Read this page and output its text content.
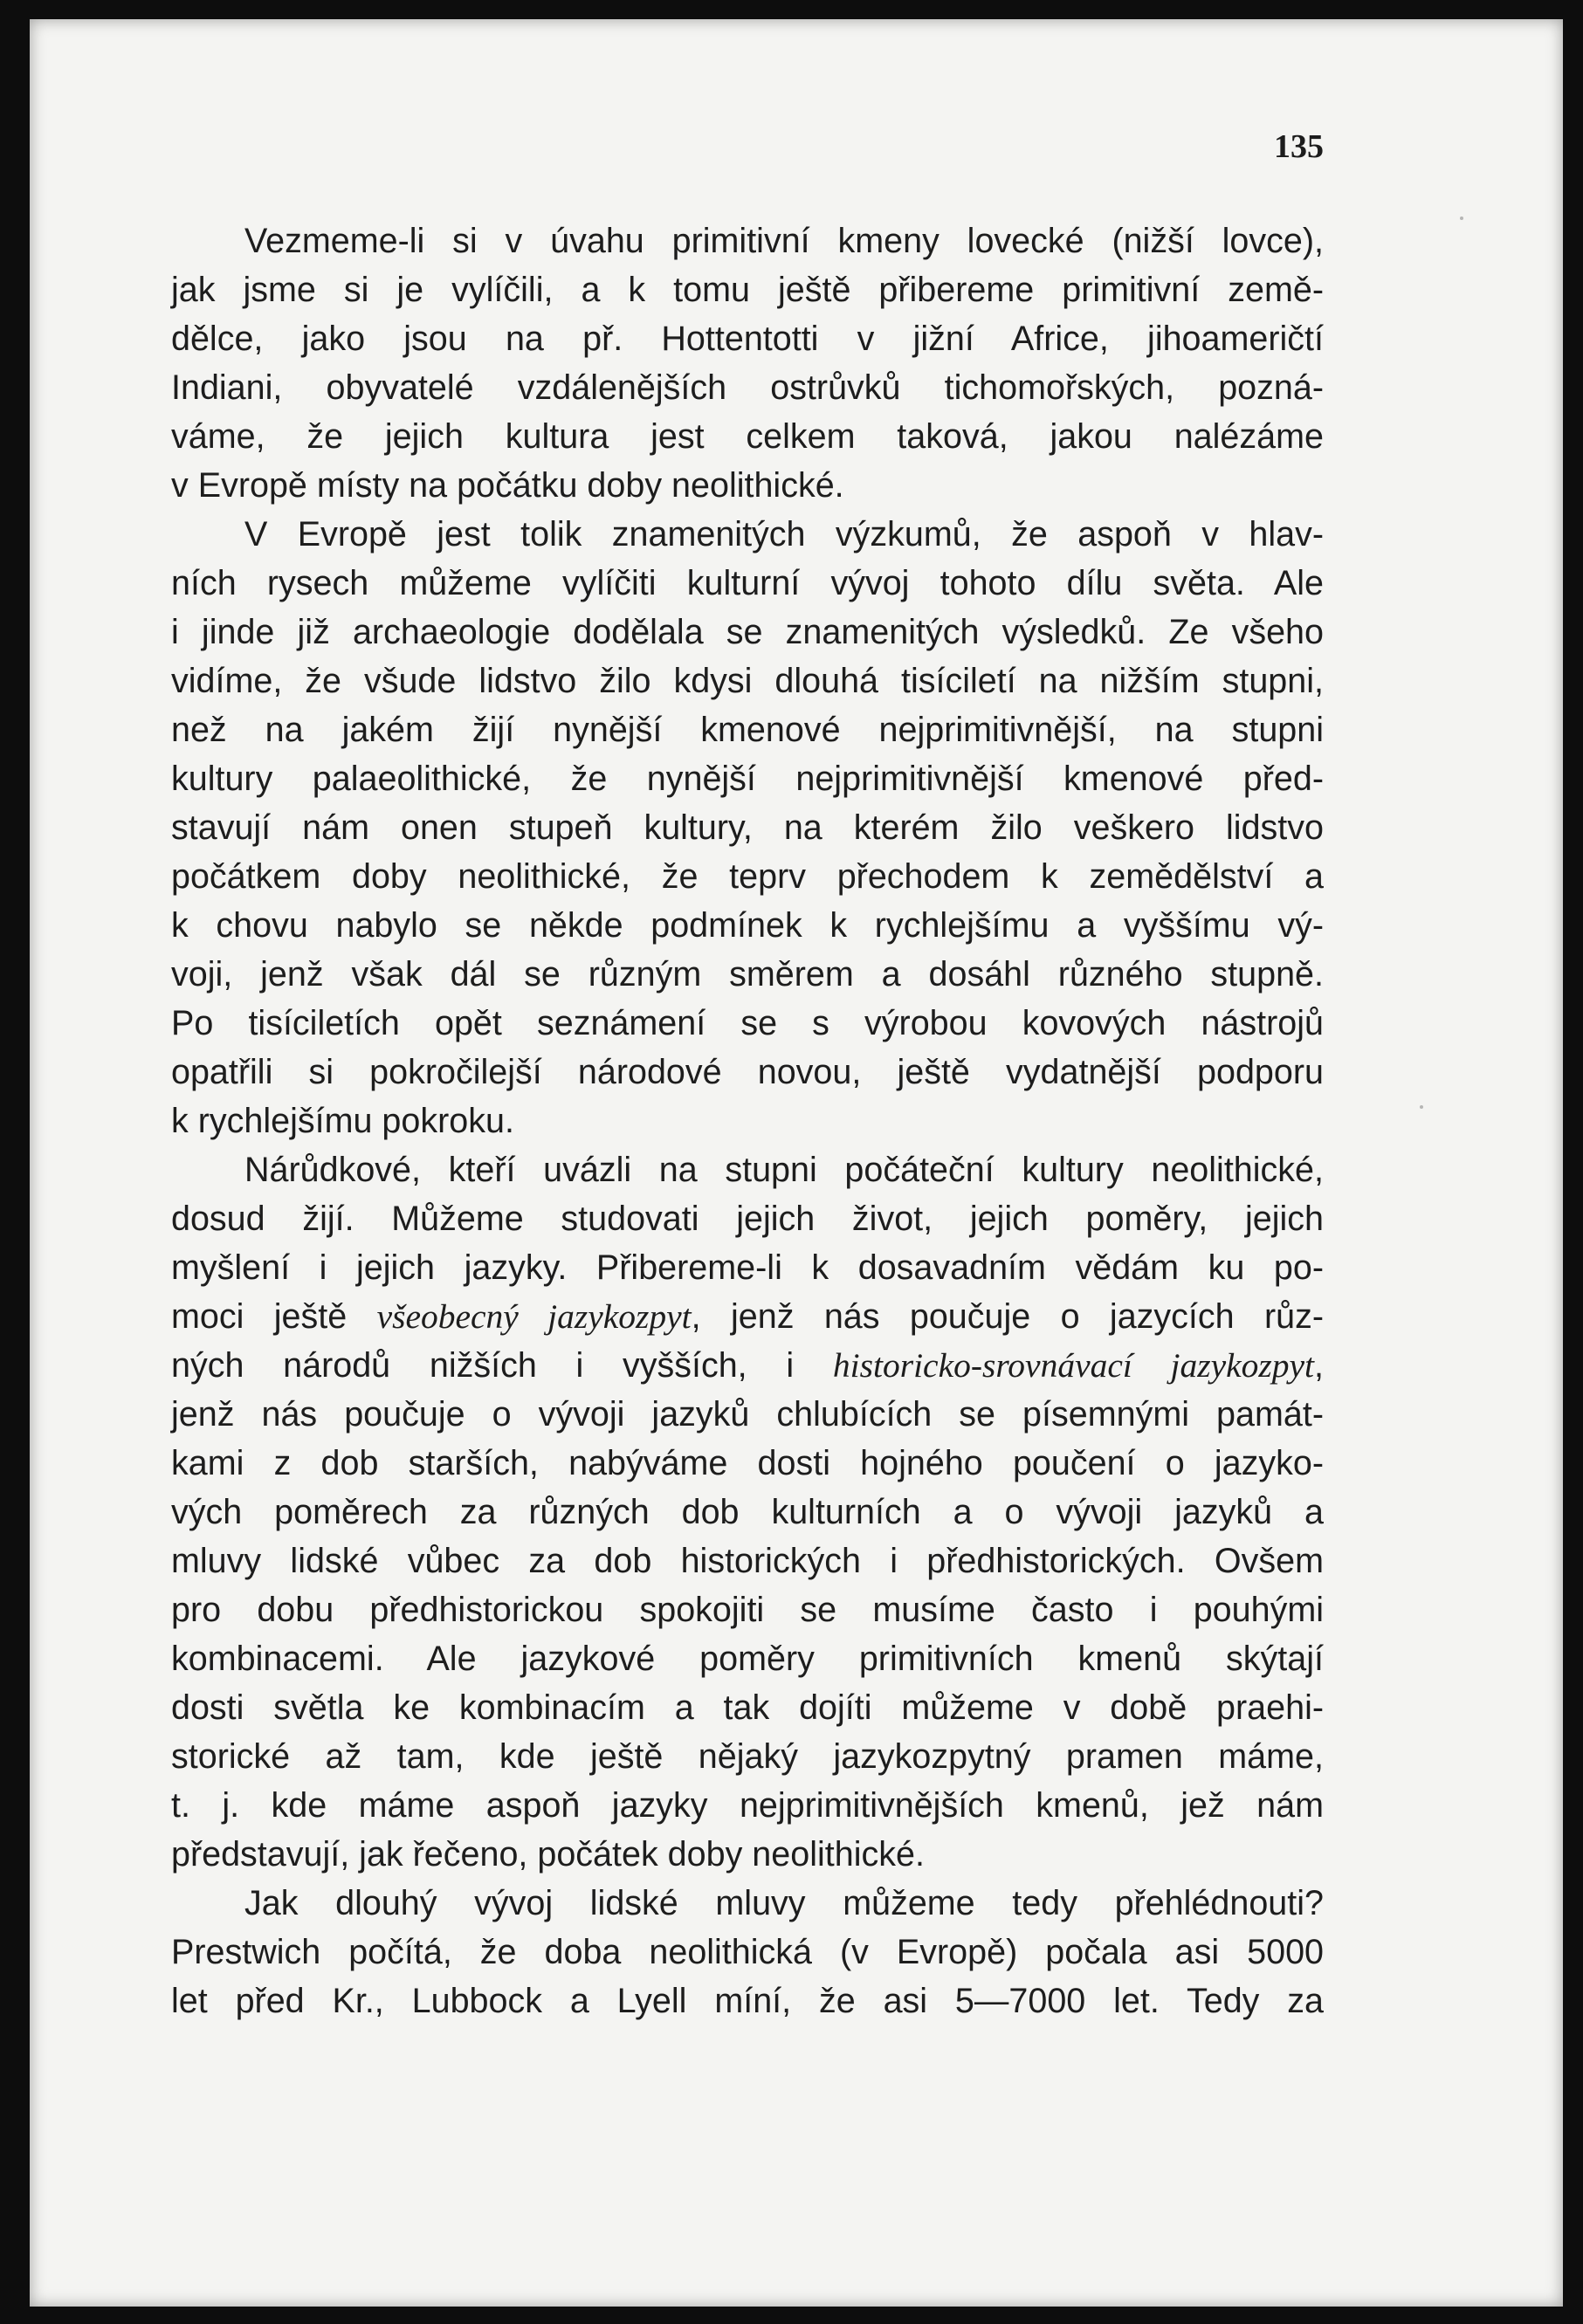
135

Vezmeme-li si v úvahu primitivní kmeny lovecké (nižší lovce),
jak jsme si je vylíčili, a k tomu ještě přibereme primitivní země-
dělce, jako jsou na př. Hottentotti v jižní Africe, jihoameričtí
Indiani, obyvatelé vzdálenějších ostrůvků tichomořských, pozná-
váme, že jejich kultura jest celkem taková, jakou nalézáme
v Evropě místy na počátku doby neolithické.

V Evropě jest tolik znamenitých výzkumů, že aspoň v hlav-
ních rysech můžeme vylíčiti kulturní vývoj tohoto dílu světa. Ale
i jinde již archaeologie dodělala se znamenitých výsledků. Ze všeho
vidíme, že všude lidstvo žilo kdysi dlouhá tisíciletí na nižším stupni,
než na jakém žijí nynější kmenové nejprimitivnější, na stupni
kultury palaeolithické, že nynější nejprimitivnější kmenové před-
stavují nám onen stupeň kultury, na kterém žilo veškero lidstvo
počátkem doby neolithické, že teprv přechodem k zemědělství a
k chovu nabylo se někde podmínek k rychlejšímu a vyššímu vý-
voji, jenž však dál se různým směrem a dosáhl různého stupně.
Po tisíciletích opět seznámení se s výrobou kovových nástrojů
opatřili si pokročilejší národové novou, ještě vydatnější podporu
k rychlejšímu pokroku.

Nárůdkové, kteří uvázli na stupni počáteční kultury neolithické,
dosud žijí. Můžeme studovati jejich život, jejich poměry, jejich
myšlení i jejich jazyky. Přibereme-li k dosavadním vědám ku po-
moci ještě všeobecný jazykozpyt, jenž nás poučuje o jazycích růz-
ných národů nižších i vyšších, i historicko-srovnávací jazykozpyt,
jenž nás poučuje o vývoji jazyků chlubících se písemnými památ-
kami z dob starších, nabýváme dosti hojného poučení o jazyko-
vých poměrech za různých dob kulturních a o vývoji jazyků a
mluvy lidské vůbec za dob historických i předhistorických. Ovšem
pro dobu předhistorickou spokojiti se musíme často i pouhými
kombinacemi. Ale jazykové poměry primitivních kmenů skýtají
dosti světla ke kombinacím a tak dojíti můžeme v době praehi-
storické až tam, kde ještě nějaký jazykozpytný pramen máme,
t. j. kde máme aspoň jazyky nejprimitivnějších kmenů, jež nám
představují, jak řečeno, počátek doby neolithické.

Jak dlouhý vývoj lidské mluvy můžeme tedy přehlédnouti?
Prestwich počítá, že doba neolithická (v Evropě) počala asi 5000
let před Kr., Lubbock a Lyell míní, že asi 5—7000 let. Tedy za
